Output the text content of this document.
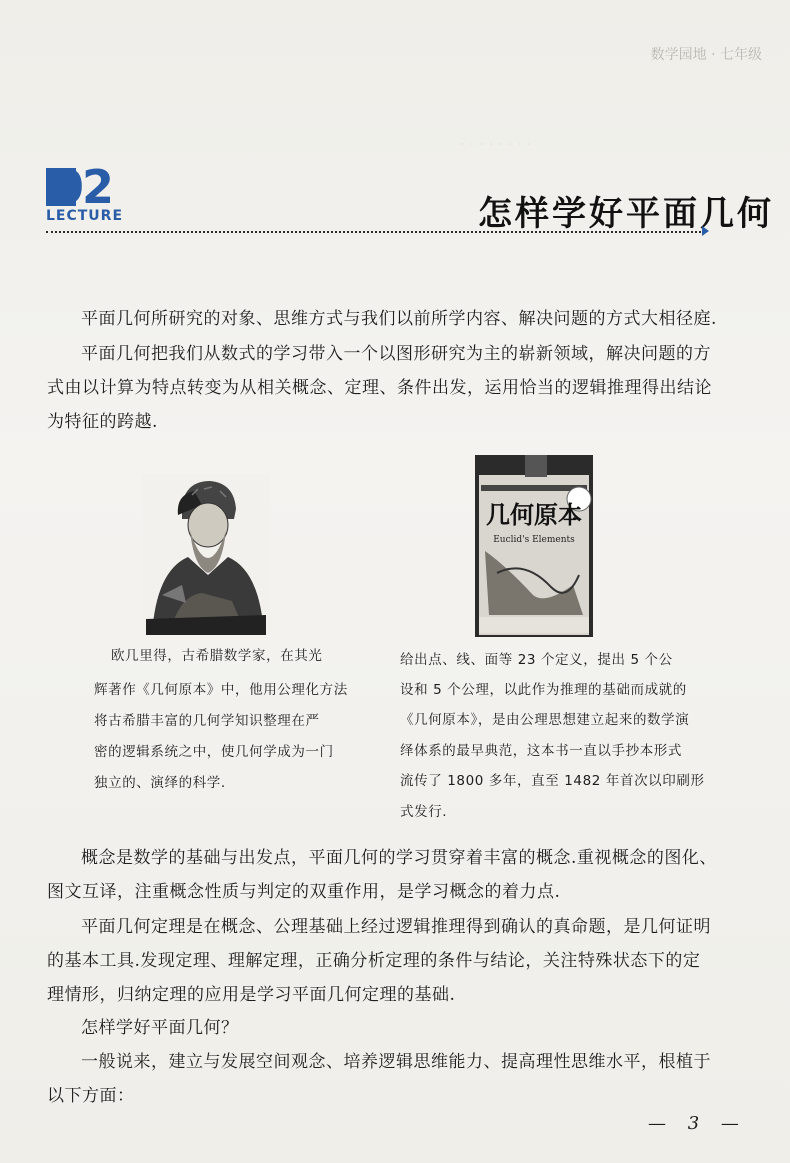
· · · · · · · ·
数学园地 · 七年级
02
LECTURE	怎样学好平面几何

平面几何所研究的对象、思维方式与我们以前所学内容、解决问题的方式大相径庭.

平面几何把我们从数式的学习带入一个以图形研究为主的崭新领域，解决问题的方式由以计算为特点转变为从相关概念、定理、条件出发，运用恰当的逻辑推理得出结论为特征的跨越.

几何原本
Euclid's Elements

欧几里得，古希腊数学家，在其光

辉著作《几何原本》中，他用公理化方法

将古希腊丰富的几何学知识整理在严

密的逻辑系统之中，使几何学成为一门

独立的、演绎的科学.

给出点、线、面等 23 个定义，提出 5 个公

设和 5 个公理，以此作为推理的基础而成就的

《几何原本》，是由公理思想建立起来的数学演

绎体系的最早典范，这本书一直以手抄本形式

流传了 1800 多年，直至 1482 年首次以印刷形

式发行.

概念是数学的基础与出发点，平面几何的学习贯穿着丰富的概念.重视概念的图化、图文互译，注重概念性质与判定的双重作用，是学习概念的着力点.

平面几何定理是在概念、公理基础上经过逻辑推理得到确认的真命题，是几何证明的基本工具.发现定理、理解定理，正确分析定理的条件与结论，关注特殊状态下的定理情形，归纳定理的应用是学习平面几何定理的基础.

怎样学好平面几何？

一般说来，建立与发展空间观念、培养逻辑思维能力、提高理性思维水平，根植于以下方面：

— 3 —
